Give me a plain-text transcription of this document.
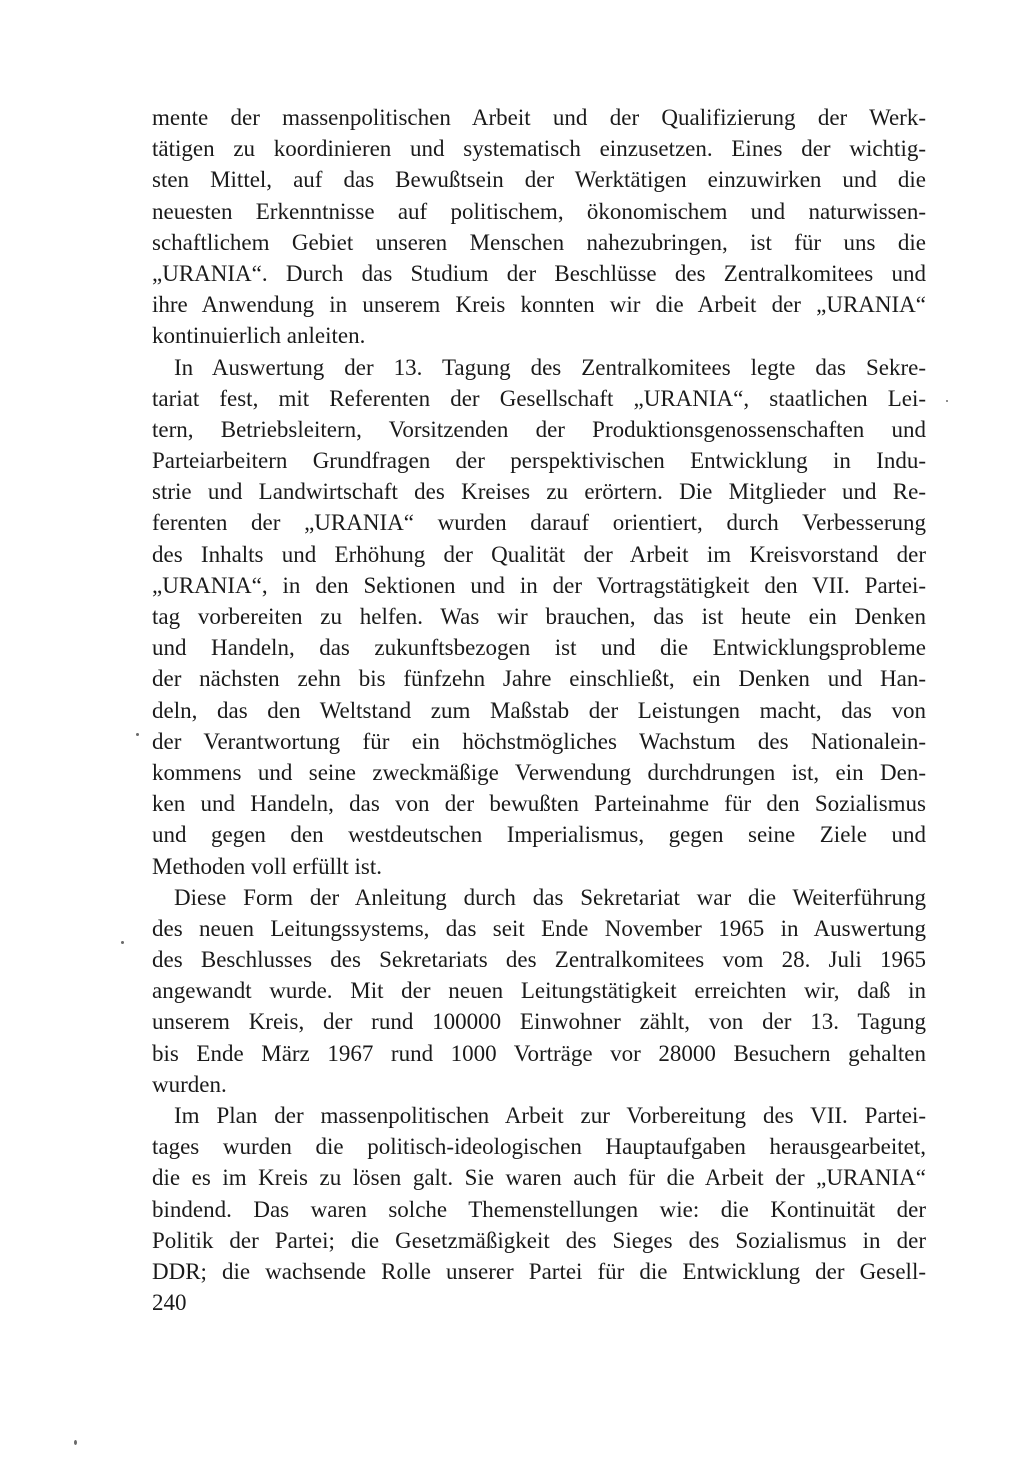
mente der massenpolitischen Arbeit und der Qualifizierung der Werk-
tätigen zu koordinieren und systematisch einzusetzen. Eines der wichtig-
sten Mittel, auf das Bewußtsein der Werktätigen einzuwirken und die
neuesten Erkenntnisse auf politischem, ökonomischem und naturwissen-
schaftlichem Gebiet unseren Menschen nahezubringen, ist für uns die
„URANIA“. Durch das Studium der Beschlüsse des Zentralkomitees und
ihre Anwendung in unserem Kreis konnten wir die Arbeit der „URANIA“
kontinuierlich anleiten.
In Auswertung der 13. Tagung des Zentralkomitees legte das Sekre-
tariat fest, mit Referenten der Gesellschaft „URANIA“, staatlichen Lei-
tern, Betriebsleitern, Vorsitzenden der Produktionsgenossenschaften und
Parteiarbeitern Grundfragen der perspektivischen Entwicklung in Indu-
strie und Landwirtschaft des Kreises zu erörtern. Die Mitglieder und Re-
ferenten der „URANIA“ wurden darauf orientiert, durch Verbesserung
des Inhalts und Erhöhung der Qualität der Arbeit im Kreisvorstand der
„URANIA“, in den Sektionen und in der Vortragstätigkeit den VII. Partei-
tag vorbereiten zu helfen. Was wir brauchen, das ist heute ein Denken
und Handeln, das zukunftsbezogen ist und die Entwicklungsprobleme
der nächsten zehn bis fünfzehn Jahre einschließt, ein Denken und Han-
deln, das den Weltstand zum Maßstab der Leistungen macht, das von
der Verantwortung für ein höchstmögliches Wachstum des Nationalein-
kommens und seine zweckmäßige Verwendung durchdrungen ist, ein Den-
ken und Handeln, das von der bewußten Parteinahme für den Sozialismus
und gegen den westdeutschen Imperialismus, gegen seine Ziele und
Methoden voll erfüllt ist.
Diese Form der Anleitung durch das Sekretariat war die Weiterführung
des neuen Leitungssystems, das seit Ende November 1965 in Auswertung
des Beschlusses des Sekretariats des Zentralkomitees vom 28. Juli 1965
angewandt wurde. Mit der neuen Leitungstätigkeit erreichten wir, daß in
unserem Kreis, der rund 100000 Einwohner zählt, von der 13. Tagung
bis Ende März 1967 rund 1000 Vorträge vor 28000 Besuchern gehalten
wurden.
Im Plan der massenpolitischen Arbeit zur Vorbereitung des VII. Partei-
tages wurden die politisch-ideologischen Hauptaufgaben herausgearbeitet,
die es im Kreis zu lösen galt. Sie waren auch für die Arbeit der „URANIA“
bindend. Das waren solche Themenstellungen wie: die Kontinuität der
Politik der Partei; die Gesetzmäßigkeit des Sieges des Sozialismus in der
DDR; die wachsende Rolle unserer Partei für die Entwicklung der Gesell-
240
